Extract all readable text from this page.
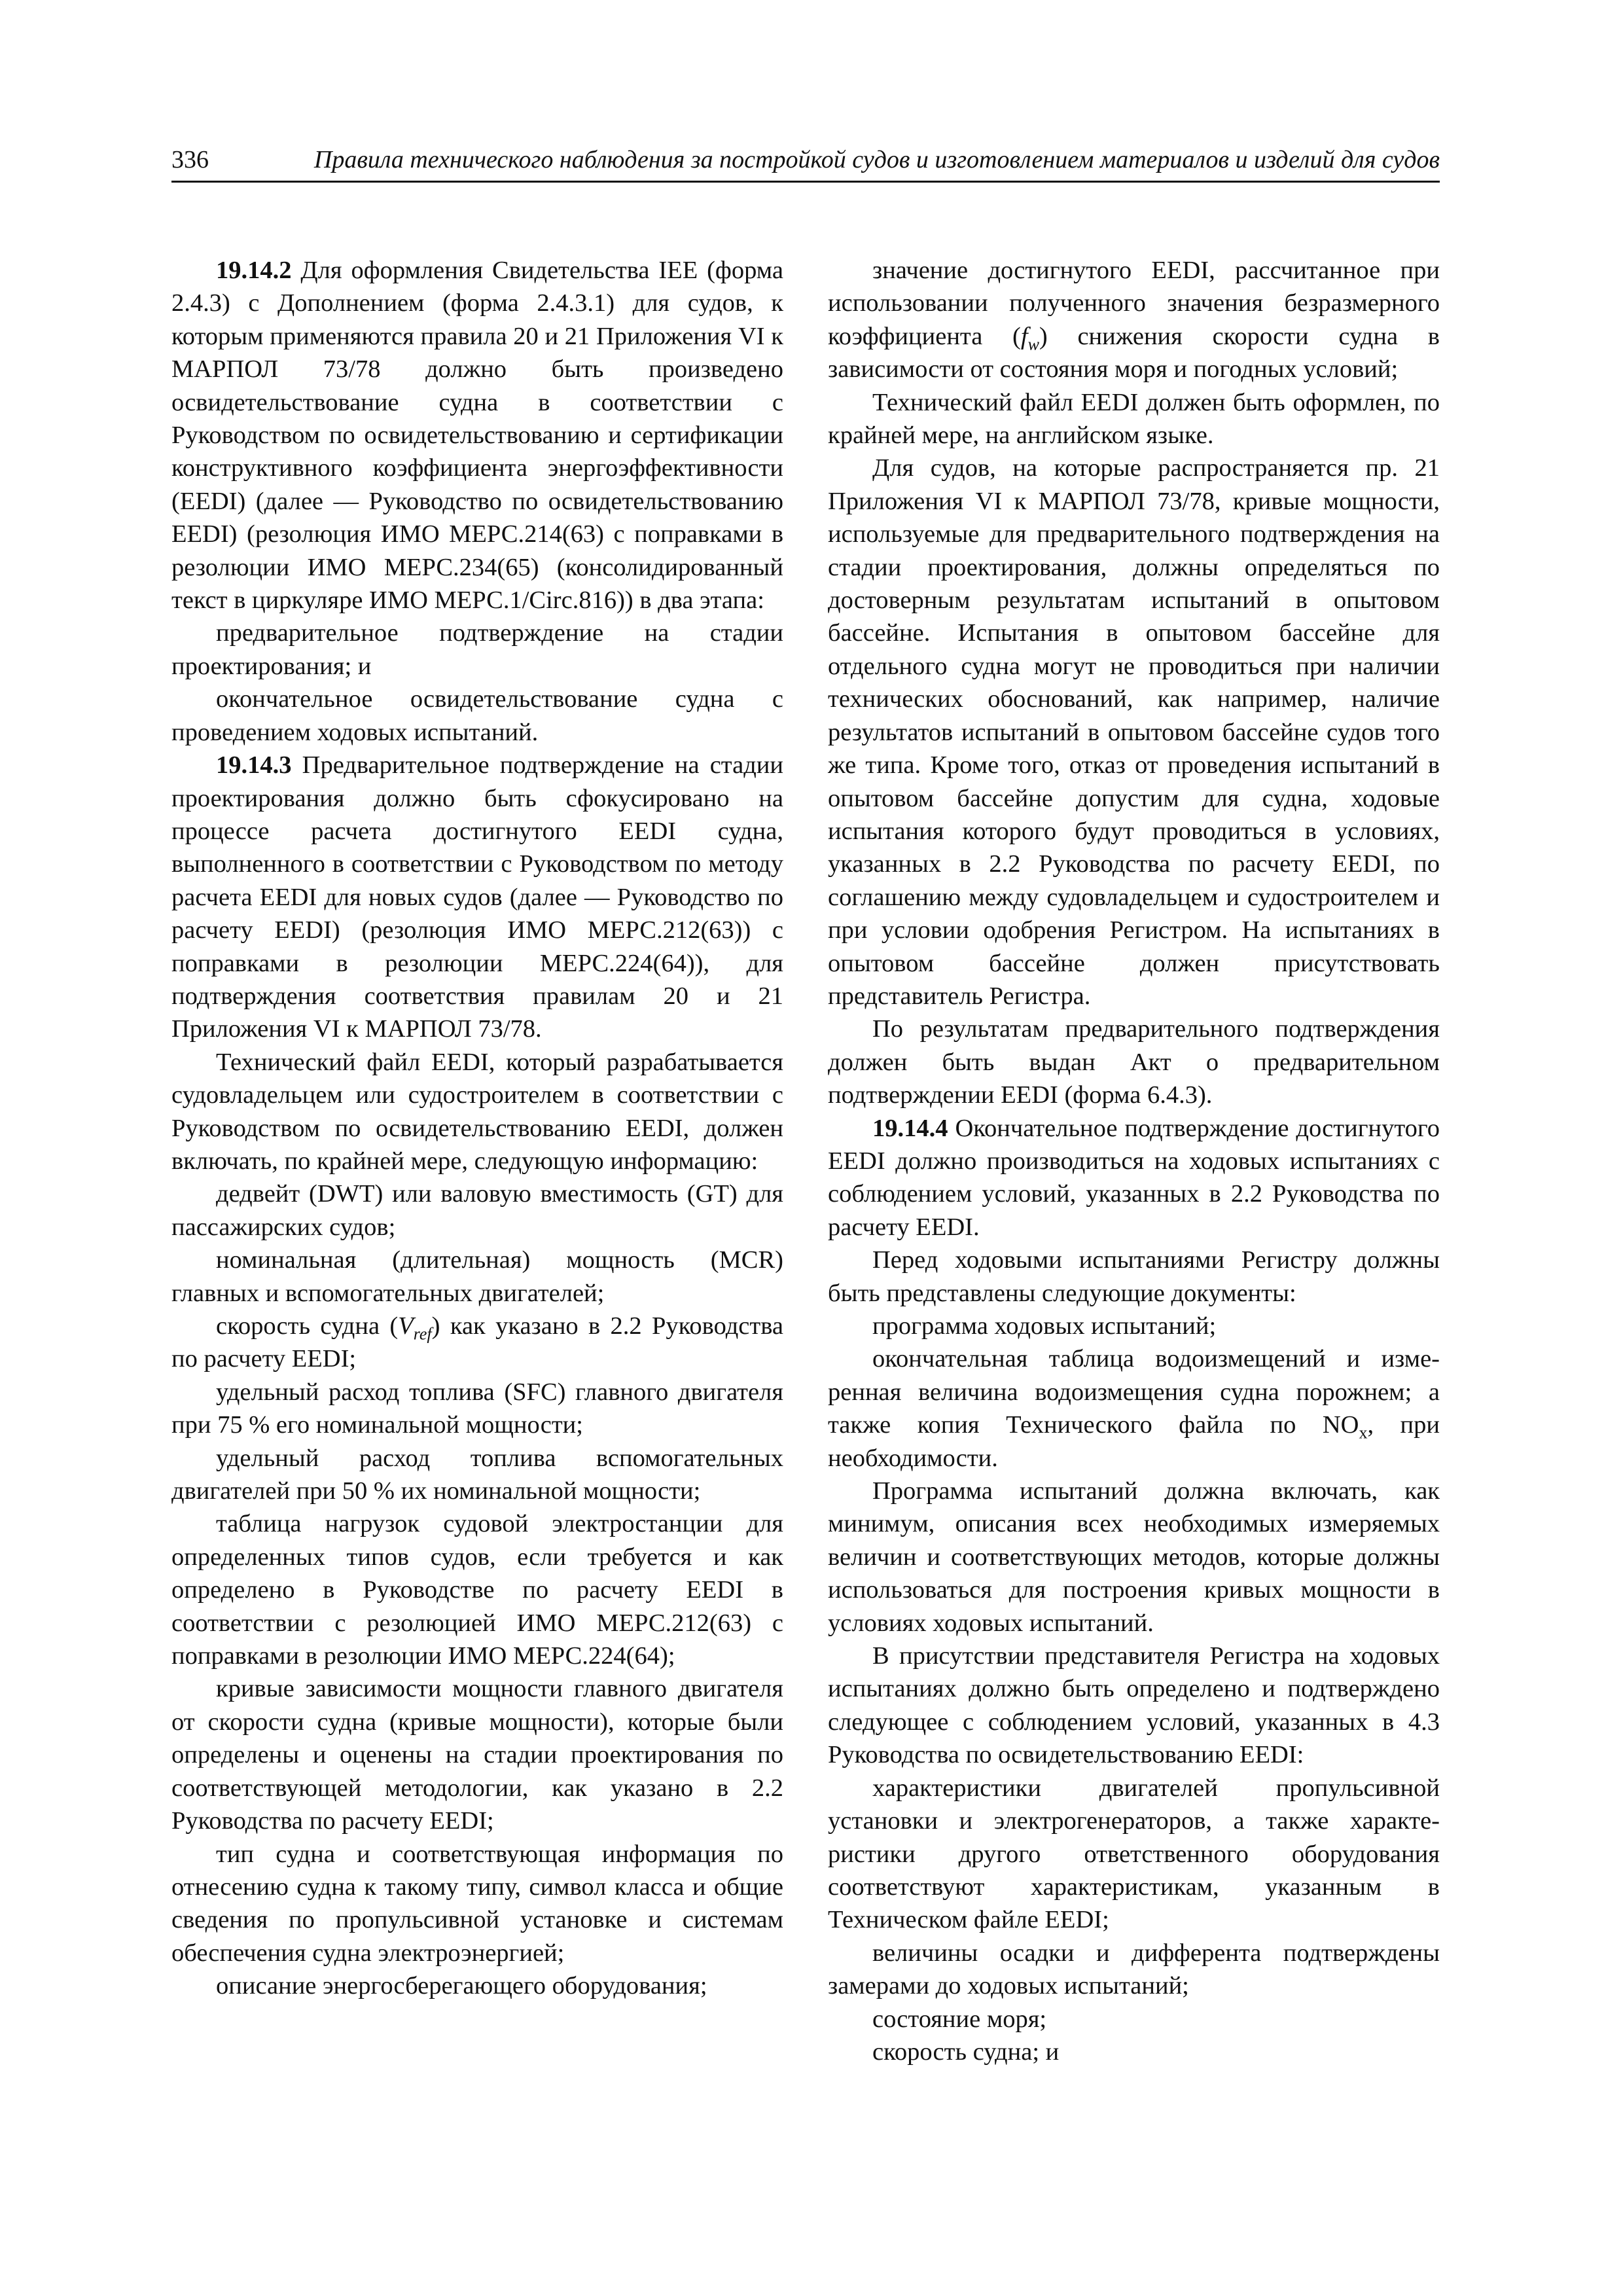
336	Правила технического наблюдения за постройкой судов и изготовлением материалов и изделий для судов

19.14.2 Для оформления Свидетельства IEE (форма 2.4.3) с Дополнением (форма 2.4.3.1) для судов, к которым применяются правила 20 и 21 Приложения VI к МАРПОЛ 73/78 должно быть произведено освидетельствование судна в соответствии с Руководством по освидетельствованию и сертификации конструктивного коэффициента энергоэффективности (EEDI) (далее — Руководство по освидетельствованию EEDI) (резолюция ИМО МЕРС.214(63) с поправками в резолюции ИМО МЕРС.234(65) (консолидированный текст в циркуляре ИМО МЕРС.1/Circ.816)) в два этапа:

предварительное подтверждение на стадии проектирования; и

окончательное освидетельствование судна с проведением ходовых испытаний.

19.14.3 Предварительное подтверждение на стадии проектирования должно быть сфокусировано на процессе расчета достигнутого EEDI судна, выполненного в соответствии с Руководством по методу расчета EEDI для новых судов (далее — Руководство по расчету EEDI) (резолюция ИМО МЕРС.212(63)) с поправками в резолюции МЕРС.224(64)), для подтверждения соответствия правилам 20 и 21 Приложения VI к МАРПОЛ 73/78.

Технический файл EEDI, который разрабатывается судовладельцем или судостроителем в соответствии с Руководством по освидетельствованию EEDI, должен включать, по крайней мере, следующую информацию:

дедвейт (DWT) или валовую вместимость (GT) для пассажирских судов;

номинальная (длительная) мощность (MCR) главных и вспомогательных двигателей;

скорость судна $(V_{ref})$ как указано в 2.2 Руководства по расчету EEDI;

удельный расход топлива (SFC) главного двигателя при 75 % его номинальной мощности;

удельный расход топлива вспомогательных двигателей при 50 % их номинальной мощности;

таблица нагрузок судовой электростанции для определенных типов судов, если требуется и как определено в Руководстве по расчету EEDI в соответствии с резолюцией ИМО МЕРС.212(63) с поправками в резолюции ИМО МЕРС.224(64);

кривые зависимости мощности главного двигателя от скорости судна (кривые мощности), которые были определены и оценены на стадии проектирования по соответствующей методологии, как указано в 2.2 Руководства по расчету EEDI;

тип судна и соответствующая информация по отнесению судна к такому типу, символ класса и общие сведения по пропульсивной установке и системам обеспечения судна электроэнергией;

описание энергосберегающего оборудования;

значение достигнутого EEDI, рассчитанное при использовании полученного значения безразмерного коэффициента $(f_w)$ снижения скорости судна в зависимости от состояния моря и погодных условий;

Технический файл EEDI должен быть оформлен, по крайней мере, на английском языке.

Для судов, на которые распространяется пр. 21 Приложения VI к МАРПОЛ 73/78, кривые мощности, используемые для предварительного подтверждения на стадии проектирования, должны определяться по достоверным результатам испытаний в опытовом бассейне. Испытания в опытовом бассейне для отдельного судна могут не проводиться при наличии технических обоснований, как например, наличие результатов испытаний в опытовом бассейне судов того же типа. Кроме того, отказ от проведения испытаний в опытовом бассейне допустим для судна, ходовые испытания которого будут проводиться в условиях, указанных в 2.2 Руководства по расчету EEDI, по соглашению между судовладельцем и судостроителем и при условии одобрения Регистром. На испытаниях в опытовом бассейне должен присутствовать представитель Регистра.

По результатам предварительного подтверждения должен быть выдан Акт о предварительном подтверждении EEDI (форма 6.4.3).

19.14.4 Окончательное подтверждение достигнутого EEDI должно производиться на ходовых испытаниях с соблюдением условий, указанных в 2.2 Руководства по расчету EEDI.

Перед ходовыми испытаниями Регистру должны быть представлены следующие документы:

программа ходовых испытаний;

окончательная таблица водоизмещений и измеренная величина водоизмещения судна порожнем; а также копия Технического файла по $NO_x$, при необходимости.

Программа испытаний должна включать, как минимум, описания всех необходимых измеряемых величин и соответствующих методов, которые должны использоваться для построения кривых мощности в условиях ходовых испытаний.

В присутствии представителя Регистра на ходовых испытаниях должно быть определено и подтверждено следующее с соблюдением условий, указанных в 4.3 Руководства по освидетельствованию EEDI:

характеристики двигателей пропульсивной установки и электрогенераторов, а также характеристики другого ответственного оборудования соответствуют характеристикам, указанным в Техническом файле EEDI;

величины осадки и дифферента подтверждены замерами до ходовых испытаний;

состояние моря;

скорость судна; и
